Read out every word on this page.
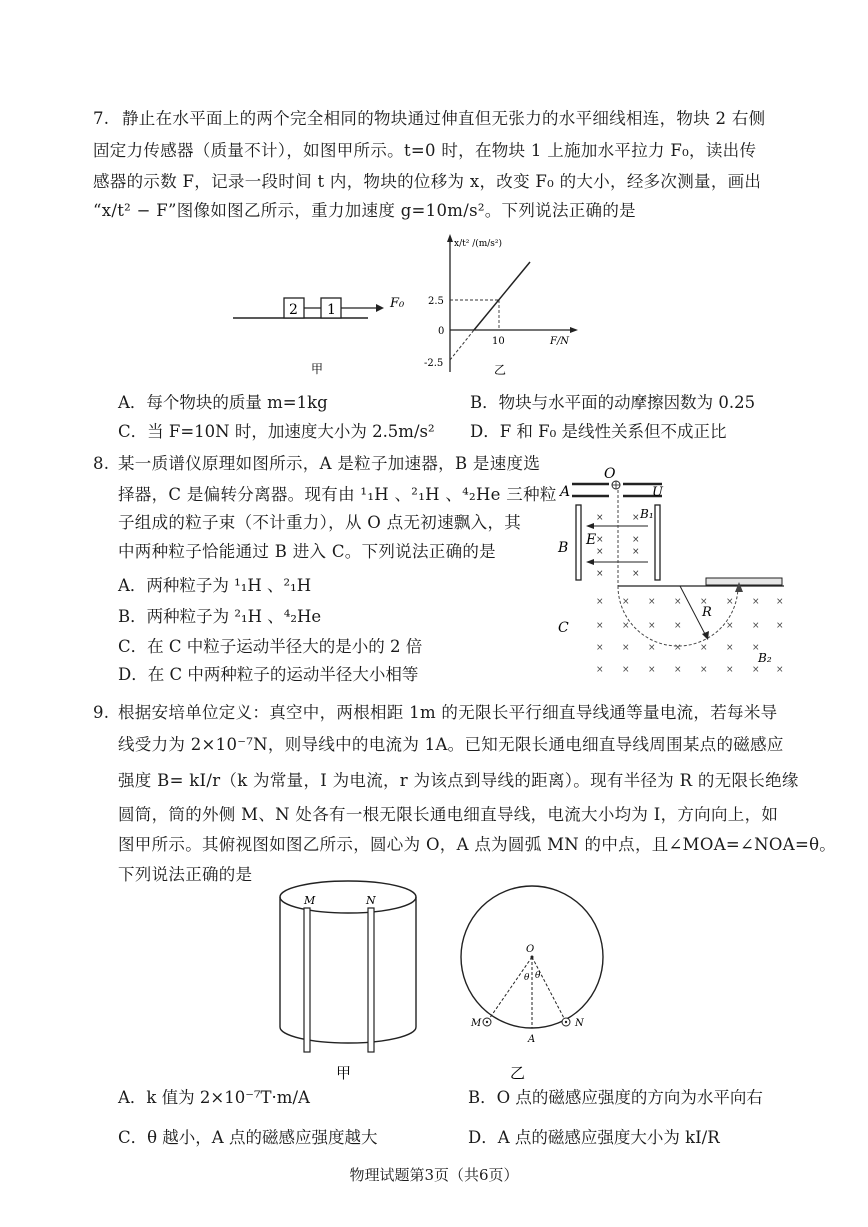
7. 静止在水平面上的两个完全相同的物块通过伸直但无张力的水平细线相连，物块 2 右侧
固定力传感器（质量不计），如图甲所示。t=0 时，在物块 1 上施加水平拉力 F₀，读出传
感器的示数 F，记录一段时间 t 内，物块的位移为 x，改变 F₀ 的大小，经多次测量，画出
“x/t² − F”图像如图乙所示，重力加速度 g=10m/s²。下列说法正确的是
2 1	F₀
甲
x/t² /(m/s²)
F/N
2.5
0
-2.5
10
乙
A．每个物块的质量 m=1kg	B．物块与水平面的动摩擦因数为 0.25
C．当 F=10N 时，加速度大小为 2.5m/s² D．F 和 F₀ 是线性关系但不成正比
8. 某一质谱仪原理如图所示，A 是粒子加速器，B 是速度选
择器，C 是偏转分离器。现有由 ¹₁H 、²₁H 、⁴₂He 三种粒
子组成的粒子束（不计重力），从 O 点无初速飘入，其
中两种粒子恰能通过 B 进入 C。下列说法正确的是
A．两种粒子为 ¹₁H 、²₁H
B．两种粒子为 ²₁H 、⁴₂He
C．在 C 中粒子运动半径大的是小的 2 倍
D．在 C 中两种粒子的运动半径大小相等
O
A	U
B
B₁
E
×	×
×	×
×	×
×	×
C
R
× × × × × × × ×
× × × ×	× × ×
× × × × × × ×
× × × × × × × ×
B₂
9. 根据安培单位定义：真空中，两根相距 1m 的无限长平行细直导线通等量电流，若每米导
线受力为 2×10⁻⁷N，则导线中的电流为 1A。已知无限长通电细直导线周围某点的磁感应
强度 B= kI/r（k 为常量，I 为电流，r 为该点到导线的距离）。现有半径为 R 的无限长绝缘
圆筒，筒的外侧 M、N 处各有一根无限长通电细直导线，电流大小均为 I，方向向上，如
图甲所示。其俯视图如图乙所示，圆心为 O，A 点为圆弧 MN 的中点，且∠MOA=∠NOA=θ。
下列说法正确的是
M	N
甲
O
θ θ
M	N
A
乙
A．k 值为 2×10⁻⁷T·m/A	B．O 点的磁感应强度的方向为水平向右
C．θ 越小，A 点的磁感应强度越大	D．A 点的磁感应强度大小为 kI/R
物理试题第3页（共6页）
